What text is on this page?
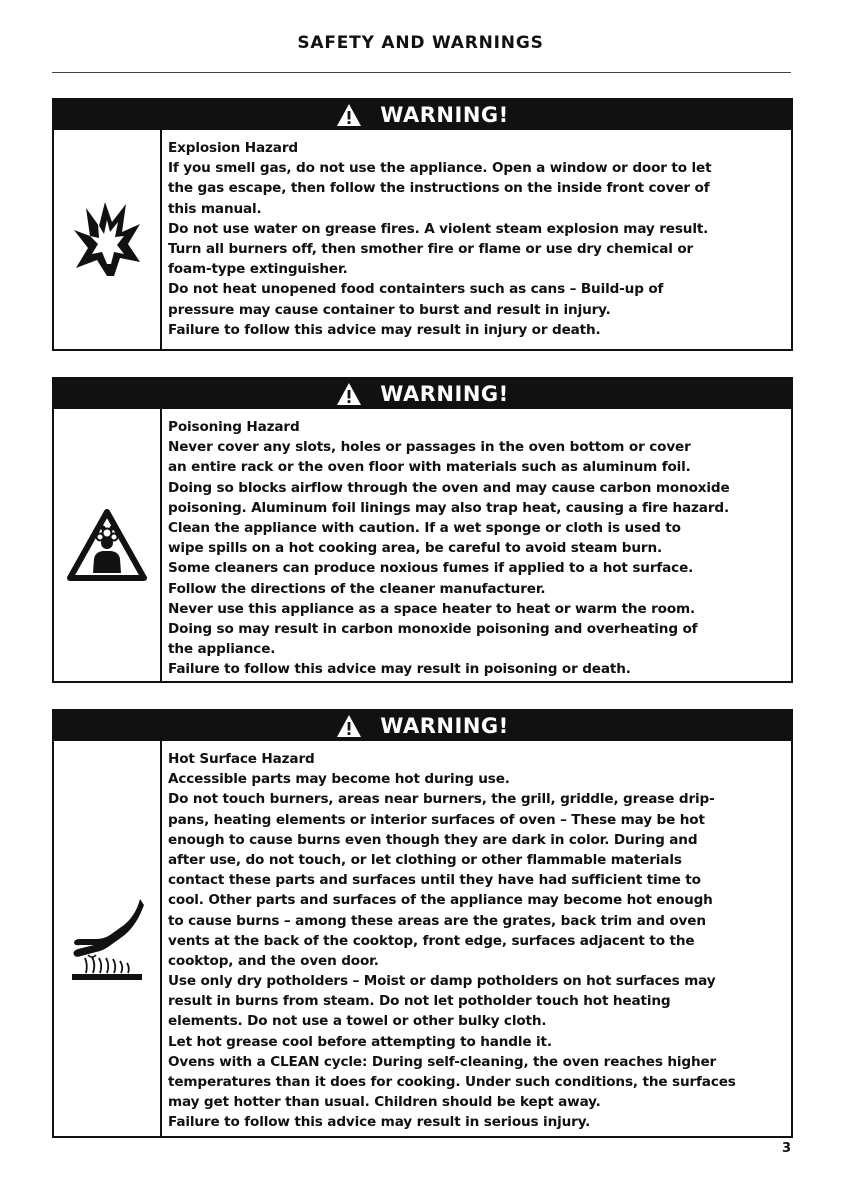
SAFETY AND WARNINGS
WARNING!
Explosion Hazard
If you smell gas, do not use the appliance. Open a window or door to let
the gas escape, then follow the instructions on the inside front cover of
this manual.
Do not use water on grease fires. A violent steam explosion may result.
Turn all burners off, then smother fire or flame or use dry chemical or
foam-type extinguisher.
Do not heat unopened food containters such as cans – Build-up of
pressure may cause container to burst and result in injury.
Failure to follow this advice may result in injury or death.
WARNING!
Poisoning Hazard
Never cover any slots, holes or passages in the oven bottom or cover
an entire rack or the oven floor with materials such as aluminum foil.
Doing so blocks airflow through the oven and may cause carbon monoxide
poisoning. Aluminum foil linings may also trap heat, causing a fire hazard.
Clean the appliance with caution. If a wet sponge or cloth is used to
wipe spills on a hot cooking area, be careful to avoid steam burn.
Some cleaners can produce noxious fumes if applied to a hot surface.
Follow the directions of the cleaner manufacturer.
Never use this appliance as a space heater to heat or warm the room.
Doing so may result in carbon monoxide poisoning and overheating of
the appliance.
Failure to follow this advice may result in poisoning or death.
WARNING!
Hot Surface Hazard
Accessible parts may become hot during use.
Do not touch burners, areas near burners, the grill, griddle, grease drip-
pans, heating elements or interior surfaces of oven – These may be hot
enough to cause burns even though they are dark in color. During and
after use, do not touch, or let clothing or other flammable materials
contact these parts and surfaces until they have had sufficient time to
cool. Other parts and surfaces of the appliance may become hot enough
to cause burns – among these areas are the grates, back trim and oven
vents at the back of the cooktop, front edge, surfaces adjacent to the
cooktop, and the oven door.
Use only dry potholders – Moist or damp potholders on hot surfaces may
result in burns from steam. Do not let potholder touch hot heating
elements. Do not use a towel or other bulky cloth.
Let hot grease cool before attempting to handle it.
Ovens with a CLEAN cycle: During self-cleaning, the oven reaches higher
temperatures than it does for cooking. Under such conditions, the surfaces
may get hotter than usual. Children should be kept away.
Failure to follow this advice may result in serious injury.
3
